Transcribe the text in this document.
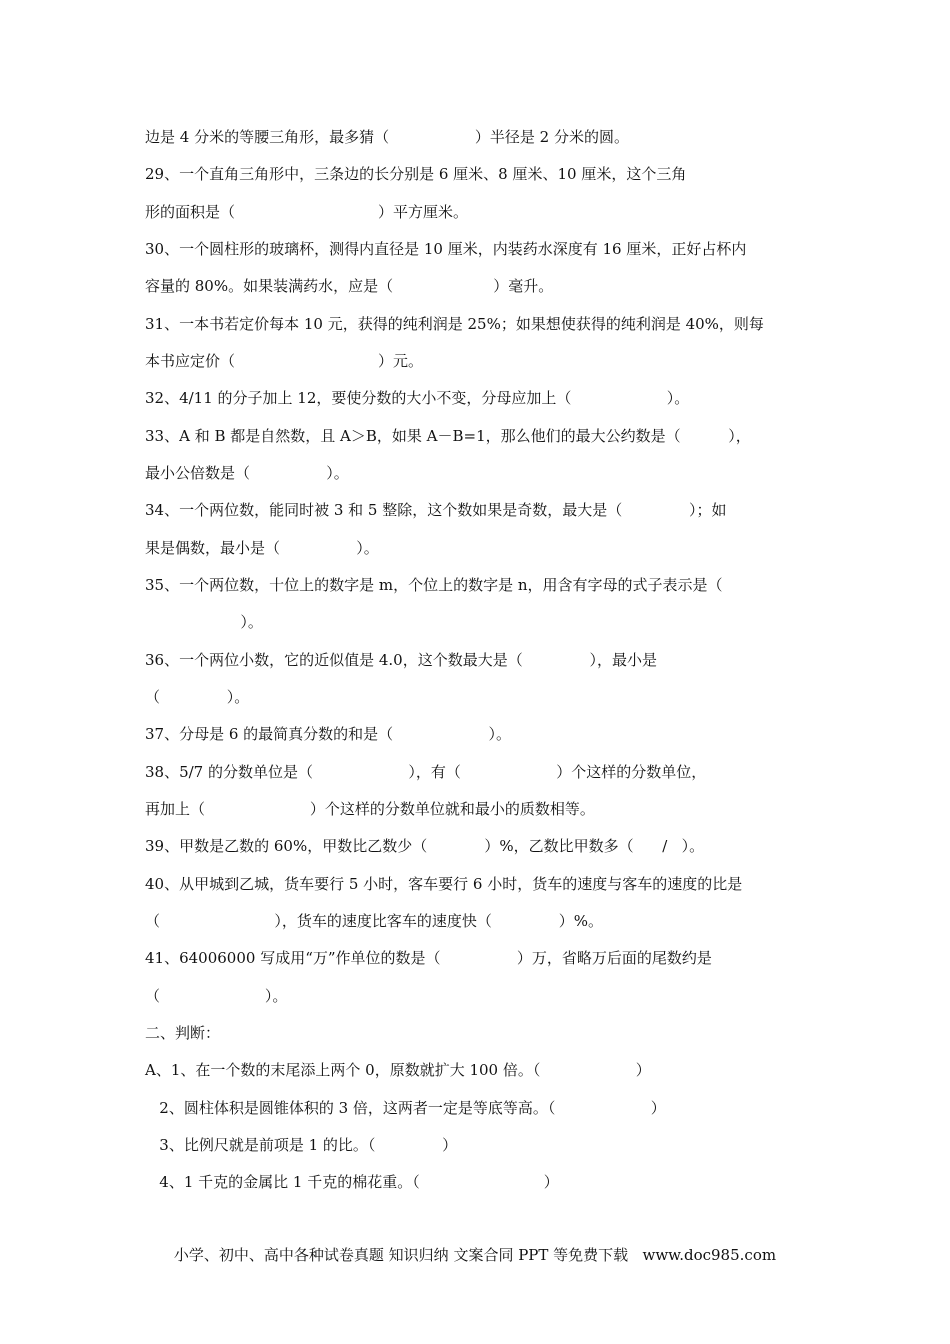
边是 4 分米的等腰三角形，最多猜（                  ）半径是 2 分米的圆。
29、一个直角三角形中，三条边的长分别是 6 厘米、8 厘米、10 厘米，这个三角
形的面积是（                              ）平方厘米。
30、一个圆柱形的玻璃杯，测得内直径是 10 厘米，内装药水深度有 16 厘米，正好占杯内
容量的 80%。如果装满药水，应是（                     ）毫升。
31、一本书若定价每本 10 元，获得的纯利润是 25%；如果想使获得的纯利润是 40%，则每
本书应定价（                              ）元。
32、4/11 的分子加上 12，要使分数的大小不变，分母应加上（                    ）。
33、A 和 B 都是自然数，且 A＞B，如果 A－B=1，那么他们的最大公约数是（          ），
最小公倍数是（                ）。
34、一个两位数，能同时被 3 和 5 整除，这个数如果是奇数，最大是（              ）；如
果是偶数，最小是（                ）。
35、一个两位数，十位上的数字是 m，个位上的数字是 n，用含有字母的式子表示是（
）。
36、一个两位小数，它的近似值是 4.0，这个数最大是（              ），最小是
（              ）。
37、分母是 6 的最简真分数的和是（                    ）。
38、5/7 的分数单位是（                    ），有（                    ）个这样的分数单位，
再加上（                      ）个这样的分数单位就和最小的质数相等。
39、甲数是乙数的 60%，甲数比乙数少（            ）%，乙数比甲数多（      /   ）。
40、从甲城到乙城，货车要行 5 小时，客车要行 6 小时，货车的速度与客车的速度的比是
（                        ），货车的速度比客车的速度快（              ）%。
41、64006000 写成用“万”作单位的数是（                ）万，省略万后面的尾数约是
（                      ）。
二、判断：
A、1、在一个数的末尾添上两个 0，原数就扩大 100 倍。（                    ）
2、圆柱体积是圆锥体积的 3 倍，这两者一定是等底等高。（                    ）
3、比例尺就是前项是 1 的比。（              ）
4、1 千克的金属比 1 千克的棉花重。（                          ）
小学、初中、高中各种试卷真题 知识归纳 文案合同 PPT 等免费下载   www.doc985.com
